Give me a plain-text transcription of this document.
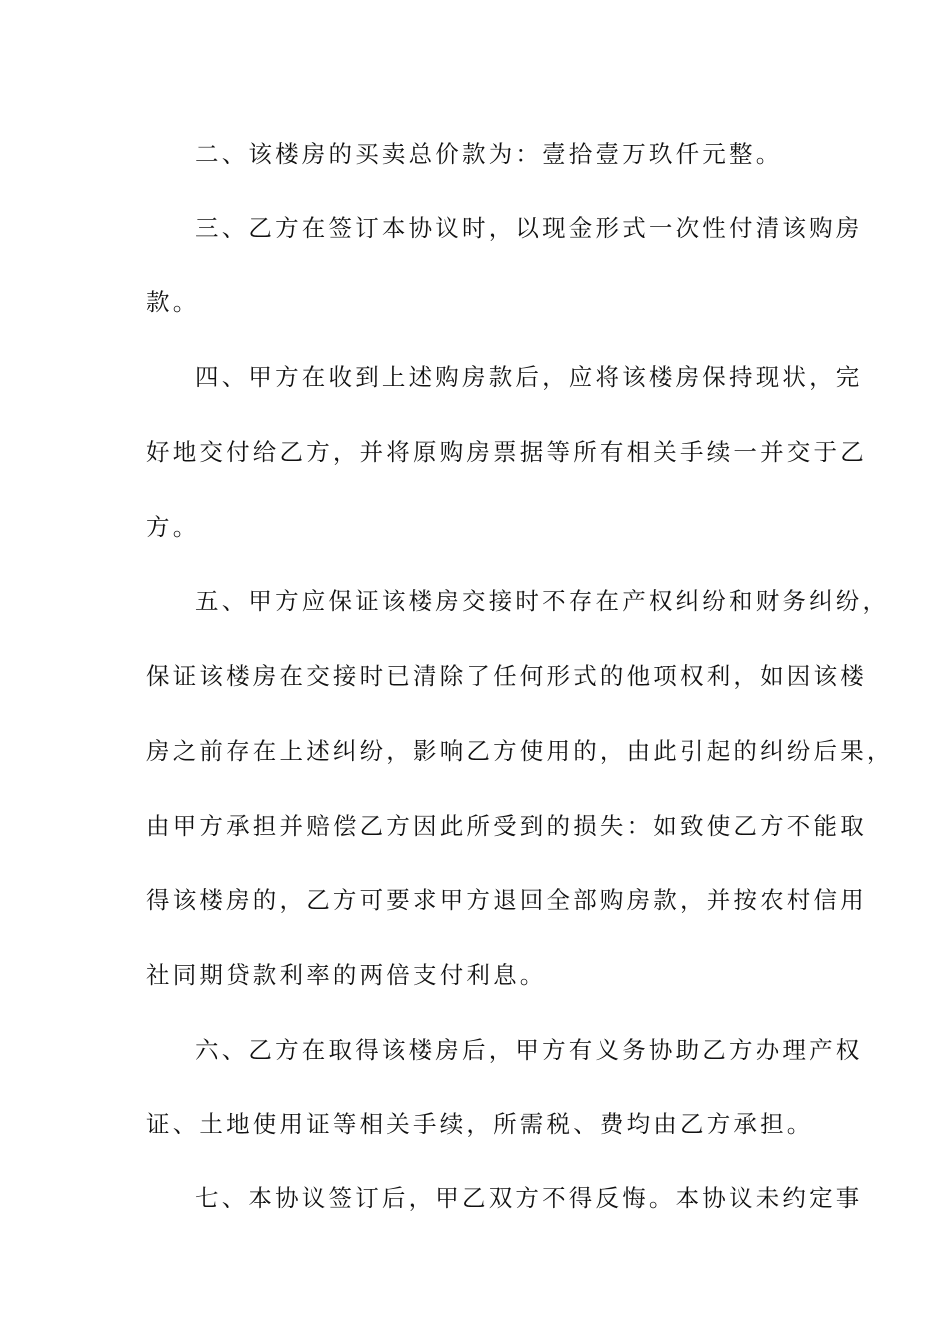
二、该楼房的买卖总价款为：壹拾壹万玖仟元整。
三、乙方在签订本协议时，以现金形式一次性付清该购房
款。
四、甲方在收到上述购房款后，应将该楼房保持现状，完
好地交付给乙方，并将原购房票据等所有相关手续一并交于乙
方。
五、甲方应保证该楼房交接时不存在产权纠纷和财务纠纷，
保证该楼房在交接时已清除了任何形式的他项权利，如因该楼
房之前存在上述纠纷，影响乙方使用的，由此引起的纠纷后果，
由甲方承担并赔偿乙方因此所受到的损失：如致使乙方不能取
得该楼房的，乙方可要求甲方退回全部购房款，并按农村信用
社同期贷款利率的两倍支付利息。
六、乙方在取得该楼房后，甲方有义务协助乙方办理产权
证、土地使用证等相关手续，所需税、费均由乙方承担。
七、本协议签订后，甲乙双方不得反悔。本协议未约定事
